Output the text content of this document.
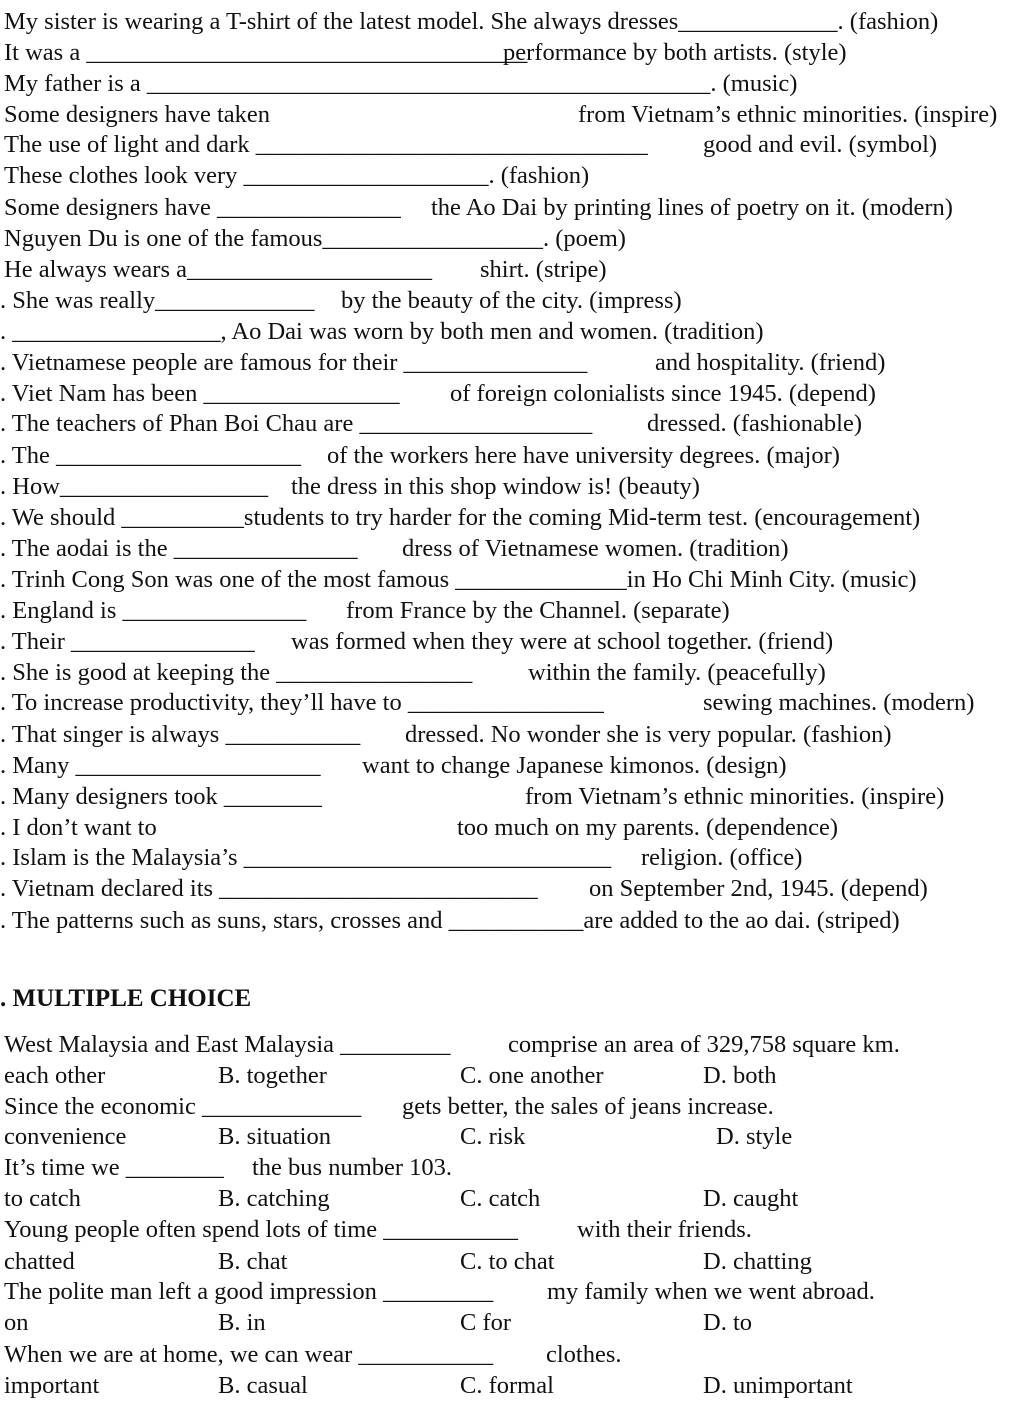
My sister is wearing a T-shirt of the latest model. She always dresses_____________. (fashion)
It was a ____________________________________
performance by both artists. (style)
My father is a ______________________________________________. (music)
Some designers have taken	from Vietnam’s ethnic minorities. (inspire)
The use of light and dark ________________________________ good and evil. (symbol)
These clothes look very ____________________. (fashion)
Some designers have _______________ the Ao Dai by printing lines of poetry on it. (modern)
Nguyen Du is one of the famous__________________. (poem)
He always wears a____________________ shirt. (stripe)
. She was really_____________ by the beauty of the city. (impress)
. _________________, Ao Dai was worn by both men and women. (tradition)
. Vietnamese people are famous for their _______________	and hospitality. (friend)
. Viet Nam has been ________________ of foreign colonialists since 1945. (depend)
. The teachers of Phan Boi Chau are ___________________ dressed. (fashionable)
. The ____________________ of the workers here have university degrees. (major)
. How_________________ the dress in this shop window is! (beauty)
. We should __________students to try harder for the coming Mid-term test. (encouragement)
. The aodai is the _______________ dress of Vietnamese women. (tradition)
. Trinh Cong Son was one of the most famous ______________in Ho Chi Minh City. (music)
. England is _______________ from France by the Channel. (separate)
. Their _______________ was formed when they were at school together. (friend)
. She is good at keeping the ________________ within the family. (peacefully)
. To increase productivity, they’ll have to ________________	sewing machines. (modern)
. That singer is always ___________ dressed. No wonder she is very popular. (fashion)
. Many ____________________ want to change Japanese kimonos. (design)
. Many designers took ________	from Vietnam’s ethnic minorities. (inspire)
. I don’t want to	too much on my parents. (dependence)
. Islam is the Malaysia’s ______________________________ religion. (office)
. Vietnam declared its __________________________ on September 2nd, 1945. (depend)
. The patterns such as suns, stars, crosses and ___________are added to the ao dai. (striped)
. MULTIPLE CHOICE
West Malaysia and East Malaysia _________ comprise an area of 329,758 square km.
each other	B. together	C. one another	D. both
Since the economic _____________ gets better, the sales of jeans increase.
convenience	B. situation	C. risk	D. style
It’s time we ________ the bus number 103.
to catch	B. catching	C. catch	D. caught
Young people often spend lots of time ___________ with their friends.
chatted	B. chat	C. to chat	D. chatting
The polite man left a good impression _________ my family when we went abroad.
on	B. in	C for	D. to
When we are at home, we can wear ___________ clothes.
important	B. casual	C. formal	D. unimportant
